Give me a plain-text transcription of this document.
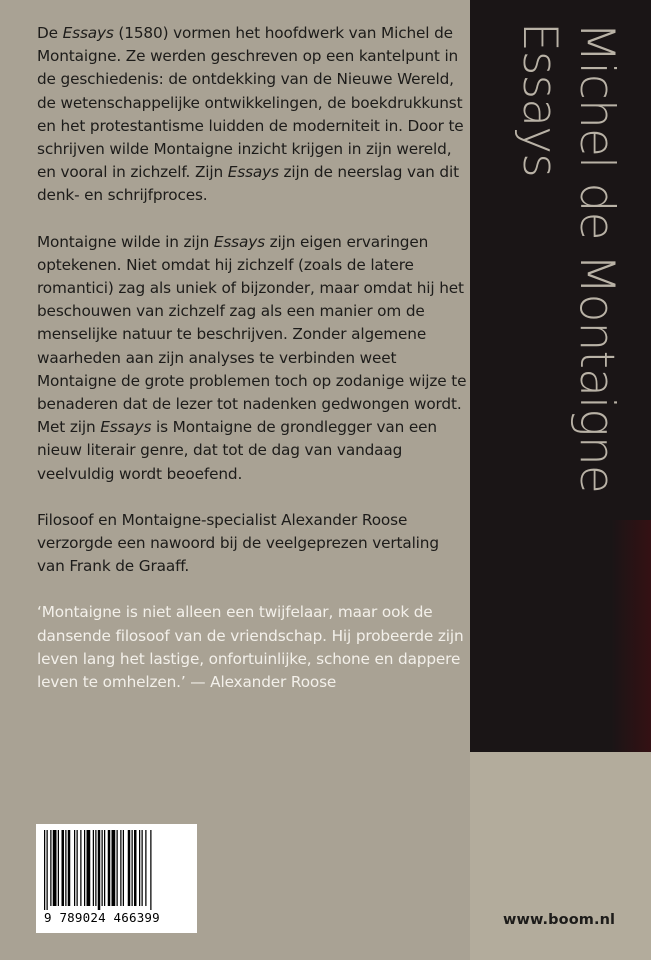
De Essays (1580) vormen het hoofdwerk van Michel de Montaigne. Ze werden geschreven op een kantelpunt in de geschiedenis: de ontdekking van de Nieuwe Wereld, de wetenschappelijke ontwikkelingen, de boekdrukkunst en het protestantisme luidden de moderniteit in. Door te schrijven wilde Montaigne inzicht krijgen in zijn wereld, en vooral in zichzelf. Zijn Essays zijn de neerslag van dit denk- en schrijfproces.

Montaigne wilde in zijn Essays zijn eigen ervaringen optekenen. Niet omdat hij zichzelf (zoals de latere romantici) zag als uniek of bijzonder, maar omdat hij het beschouwen van zichzelf zag als een manier om de menselijke natuur te beschrijven. Zonder algemene waarheden aan zijn analyses te verbinden weet Montaigne de grote problemen toch op zodanige wijze te benaderen dat de lezer tot nadenken gedwongen wordt. Met zijn Essays is Montaigne de grondlegger van een nieuw literair genre, dat tot de dag van vandaag veelvuldig wordt beoefend.

Filosoof en Montaigne-specialist Alexander Roose verzorgde een nawoord bij de veelgeprezen vertaling van Frank de Graaff.

‘Montaigne is niet alleen een twijfelaar, maar ook de dansende filosoof van de vriendschap. Hij probeerde zijn leven lang het lastige, onfortuinlijke, schone en dappere leven te omhelzen.’ — Alexander Roose

9 789024 466399	www.boom.nl
Michel de Montaigne
Essays
